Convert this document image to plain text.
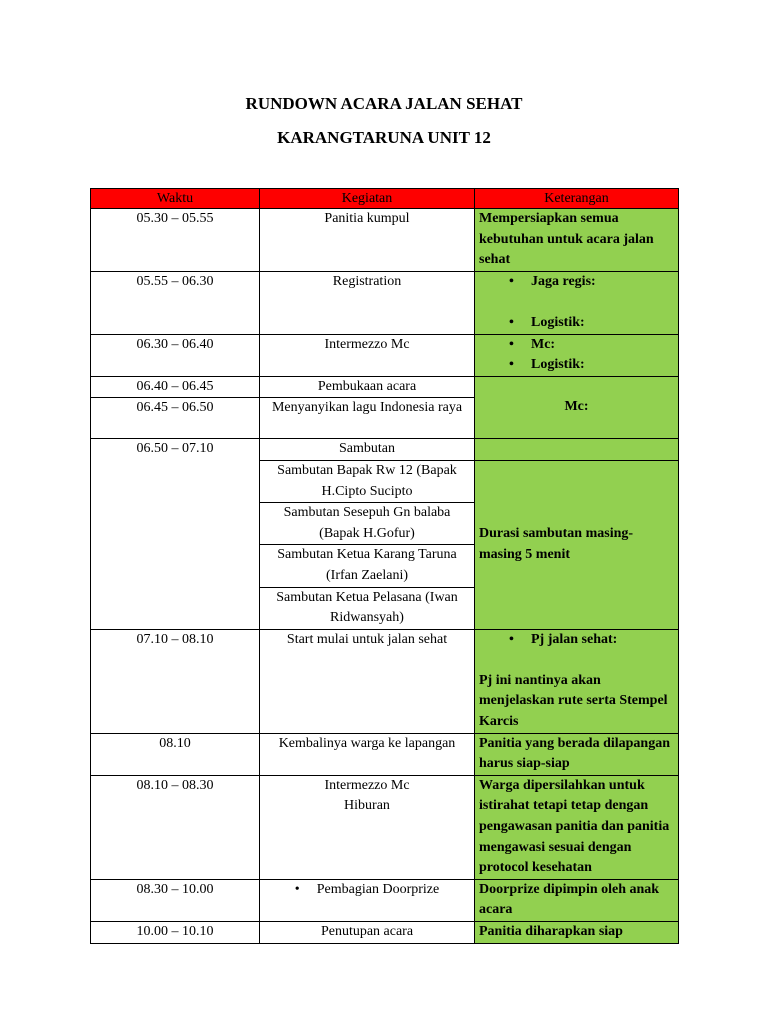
RUNDOWN ACARA JALAN SEHAT
KARANGTARUNA UNIT 12
Waktu	Kegiatan	Keterangan
05.30 – 05.55	Panitia kumpul	Mempersiapkan semua kebutuhan untuk acara jalan sehat
05.55 – 06.30	Registration	• Jaga regis:
• Logistik:

06.30 – 06.40	Intermezzo Mc	• Mc:
• Logistik:

06.40 – 06.45	Pembukaan acara	Mc:
06.45 – 06.50	Menyanyikan lagu Indonesia raya	
06.50 – 07.10	Sambutan	
	Sambutan Bapak Rw 12 (Bapak H.Cipto Sucipto	Durasi sambutan masing-masing 5 menit
	Sambutan Sesepuh Gn balaba (Bapak H.Gofur)	
	Sambutan Ketua Karang Taruna (Irfan Zaelani)	
	Sambutan Ketua Pelasana (Iwan Ridwansyah)	
07.10 – 08.10	Start mulai untuk jalan sehat	• Pj jalan sehat:
Pj ini nantinya akan menjelaskan rute serta Stempel Karcis

08.10	Kembalinya warga ke lapangan	Panitia yang berada dilapangan harus siap-siap
08.10 – 08.30	Intermezzo Mc
Hiburan	Warga dipersilahkan untuk istirahat tetapi tetap dengan pengawasan panitia dan panitia mengawasi sesuai dengan protocol kesehatan
08.30 – 10.00	• Pembagian Doorprize	Doorprize dipimpin oleh anak acara
10.00 – 10.10	Penutupan acara	Panitia diharapkan siap
